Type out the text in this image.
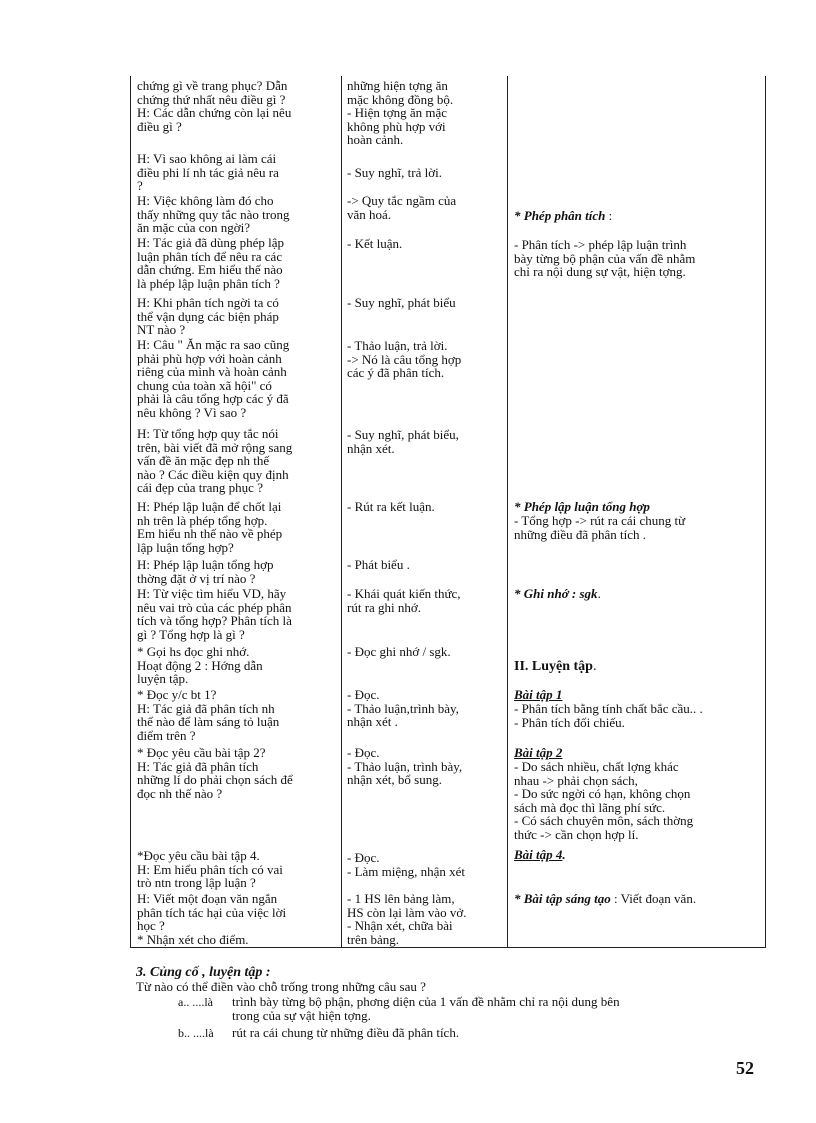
chứng gì về trang phục? Dẫn
chứng thứ nhất nêu điều gì ?
H: Các dẫn chứng còn lại nêu
điều gì ?
H: Vì sao không ai làm cái
điều phi lí nh tác giả nêu ra
?
H: Việc không làm đó cho
thấy những quy tắc nào trong
ăn mặc của con ngời?
H: Tác giả đã dùng phép lập
luận phân tích để nêu ra các
dẫn chứng. Em hiểu thế nào
là phép lập luận phân tích ?
H: Khi phân tích ngời ta có
thể vận dụng các biện pháp
NT nào ?
H: Câu " Ăn mặc ra sao cũng
phải phù hợp với hoàn cảnh
riêng của mình và hoàn cảnh
chung của toàn xã hội" có
phải là câu tổng hợp các ý đã
nêu không ? Vì sao ?
H: Từ tổng hợp quy tắc nói
trên, bài viết đã mở rộng sang
vấn đề ăn mặc đẹp nh thế
nào ? Các điều kiện quy định
cái đẹp của trang phục ?
H: Phép lập luận để chốt lại
nh trên là phép tổng hợp.
Em hiểu nh thế nào về phép
lập luận tổng hợp?
H: Phép lập luận tổng hợp
thờng đặt ở vị trí nào ?
H: Từ việc tìm hiểu VD, hãy
nêu vai trò của các phép phân
tích và tổng hợp? Phân tích là
gì ? Tổng hợp là gì ?
* Gọi hs đọc ghi nhớ.
Hoạt động 2 : Hớng dẫn
luyện tập.
* Đọc y/c bt 1?
H: Tác giả đã phân tích nh
thế nào để làm sáng tỏ luận
điểm trên ?
* Đọc yêu cầu bài tập 2?
H: Tác giả đã phân tích
những lí do phải chọn sách để
đọc nh thế nào ?
*Đọc yêu cầu bài tập 4.
H: Em hiểu phân tích có vai
trò ntn trong lập luận ?
H: Viết một đoạn văn ngắn
phân tích tác hại của việc lời
học ?
* Nhận xét cho điểm.
những hiện tợng ăn
mặc không đồng bộ.
- Hiện tợng ăn mặc
không phù hợp với
hoàn cảnh.
- Suy nghĩ, trả lời.
-> Quy tắc ngầm của
văn hoá.
- Kết luận.
- Suy nghĩ, phát biểu
- Thảo luận, trả lời.
-> Nó là câu tổng hợp
các ý đã phân tích.
- Suy nghĩ, phát biểu,
nhận xét.
- Rút ra kết luận.
- Phát biểu .
- Khái quát kiến thức,
rút ra ghi nhớ.
- Đọc ghi nhớ / sgk.
- Đọc.
- Thảo luận,trình bày,
nhận xét .
- Đọc.
- Thảo luận, trình bày,
nhận xét, bổ sung.
- Đọc.
- Làm miệng, nhận xét
- 1 HS lên bảng làm,
HS còn lại làm vào vở.
- Nhận xét, chữa bài
trên bảng.
* Phép phân tích :
- Phân tích -> phép lập luận trình
bày từng bộ phận của vấn đề nhằm
chỉ ra nội dung sự vật, hiện tợng.
* Phép lập luận tổng hợp
- Tổng hợp -> rút ra cái chung từ
những điều đã phân tích .
* Ghi nhớ : sgk.
II. Luyện tập.
Bài tập 1
- Phân tích bằng tính chất bắc cầu.. .
- Phân tích đối chiếu.
Bài tập 2
- Do sách nhiều, chất lợng khác
nhau -> phải chọn sách,
- Do sức ngời có hạn, không chọn
sách mà đọc thì lãng phí sức.
- Có sách chuyên môn, sách thờng
thức -> cần chọn hợp lí.
Bài tập 4.
* Bài tập sáng tạo : Viết đoạn văn.
3. Củng cố , luyện tập :
Từ nào có thể điền vào chỗ trống trong những câu sau ?
a.. ....là trình bày từng bộ phận, phơng diện của 1 vấn đề nhằm chỉ ra nội dung bên
trong của sự vật hiện tợng.
b.. ....là rút ra cái chung từ những điều đã phân tích.
52
